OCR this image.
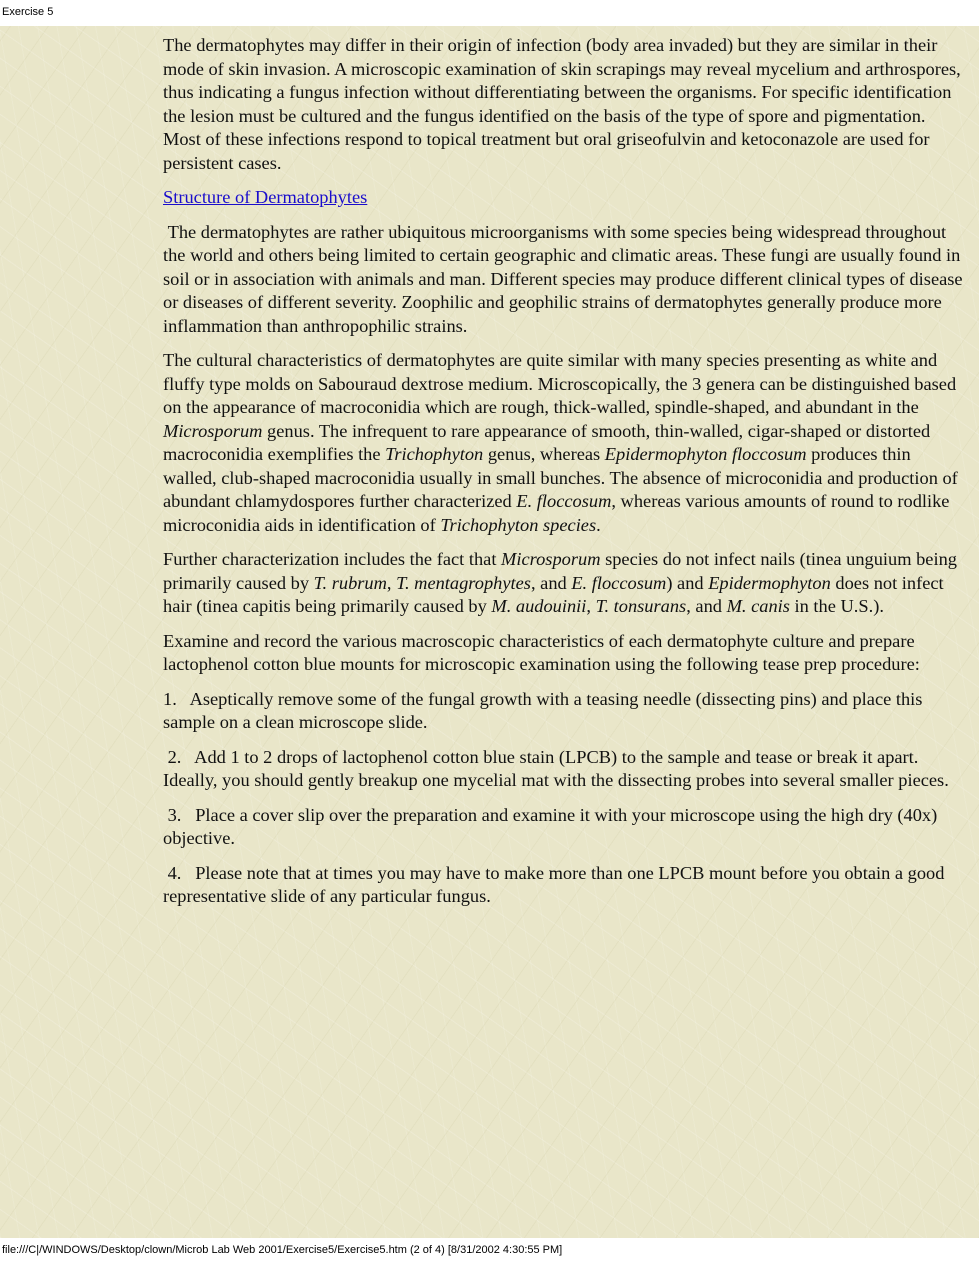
Exercise 5

The dermatophytes may differ in their origin of infection (body area invaded) but they are similar in their mode of skin invasion. A microscopic examination of skin scrapings may reveal mycelium and arthrospores, thus indicating a fungus infection without differentiating between the organisms. For specific identification the lesion must be cultured and the fungus identified on the basis of the type of spore and pigmentation. Most of these infections respond to topical treatment but oral griseofulvin and ketoconazole are used for persistent cases.

Structure of Dermatophytes

The dermatophytes are rather ubiquitous microorganisms with some species being widespread throughout the world and others being limited to certain geographic and climatic areas. These fungi are usually found in soil or in association with animals and man. Different species may produce different clinical types of disease or diseases of different severity. Zoophilic and geophilic strains of dermatophytes generally produce more inflammation than anthropophilic strains.

The cultural characteristics of dermatophytes are quite similar with many species presenting as white and fluffy type molds on Sabouraud dextrose medium. Microscopically, the 3 genera can be distinguished based on the appearance of macroconidia which are rough, thick-walled, spindle-shaped, and abundant in the Microsporum genus. The infrequent to rare appearance of smooth, thin-walled, cigar-shaped or distorted macroconidia exemplifies the Trichophyton genus, whereas Epidermophyton floccosum produces thin walled, club-shaped macroconidia usually in small bunches. The absence of microconidia and production of abundant chlamydospores further characterized E. floccosum, whereas various amounts of round to rodlike microconidia aids in identification of Trichophyton species.

Further characterization includes the fact that Microsporum species do not infect nails (tinea unguium being primarily caused by T. rubrum, T. mentagrophytes, and E. floccosum) and Epidermophyton does not infect hair (tinea capitis being primarily caused by M. audouinii, T. tonsurans, and M. canis in the U.S.).

Examine and record the various macroscopic characteristics of each dermatophyte culture and prepare lactophenol cotton blue mounts for microscopic examination using the following tease prep procedure:

1.   Aseptically remove some of the fungal growth with a teasing needle (dissecting pins) and place this sample on a clean microscope slide.

2.   Add 1 to 2 drops of lactophenol cotton blue stain (LPCB) to the sample and tease or break it apart. Ideally, you should gently breakup one mycelial mat with the dissecting probes into several smaller pieces.

3.   Place a cover slip over the preparation and examine it with your microscope using the high dry (40x) objective.

4.   Please note that at times you may have to make more than one LPCB mount before you obtain a good representative slide of any particular fungus.

file:///C|/WINDOWS/Desktop/clown/Microb Lab Web 2001/Exercise5/Exercise5.htm (2 of 4) [8/31/2002 4:30:55 PM]
